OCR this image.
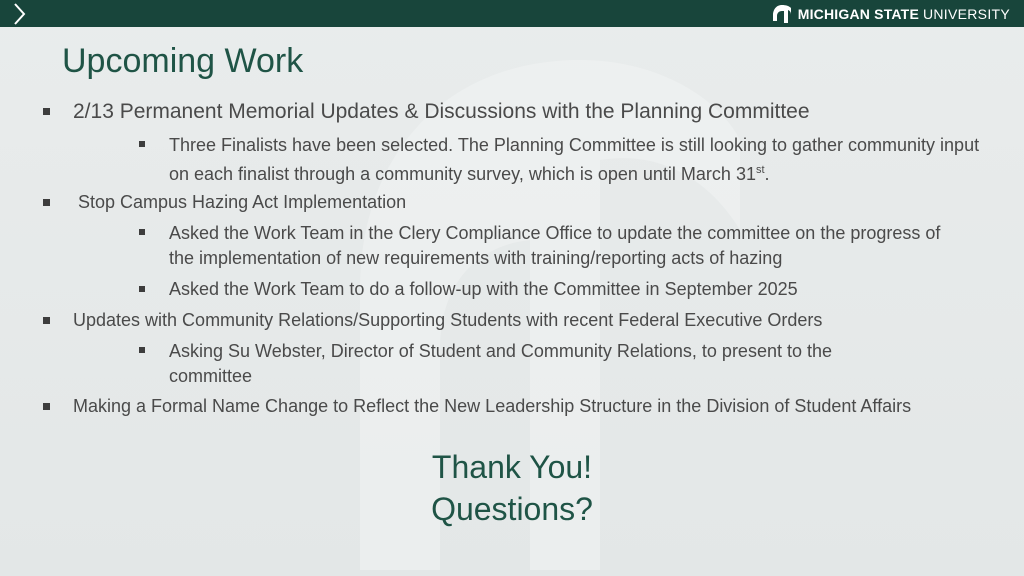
MICHIGAN STATE UNIVERSITY
Upcoming Work
2/13 Permanent Memorial Updates & Discussions with the Planning Committee
Three Finalists have been selected. The Planning Committee is still looking to gather community input on each finalist through a community survey, which is open until March 31st.
Stop Campus Hazing Act Implementation
Asked the Work Team in the Clery Compliance Office to update the committee on the progress of the implementation of new requirements with training/reporting acts of hazing
Asked the Work Team to do a follow-up with the Committee in September 2025
Updates with Community Relations/Supporting Students with recent Federal Executive Orders
Asking Su Webster, Director of Student and Community Relations, to present to the committee
Making a Formal Name Change to Reflect the New Leadership Structure in the Division of Student Affairs
Thank You!
Questions?
